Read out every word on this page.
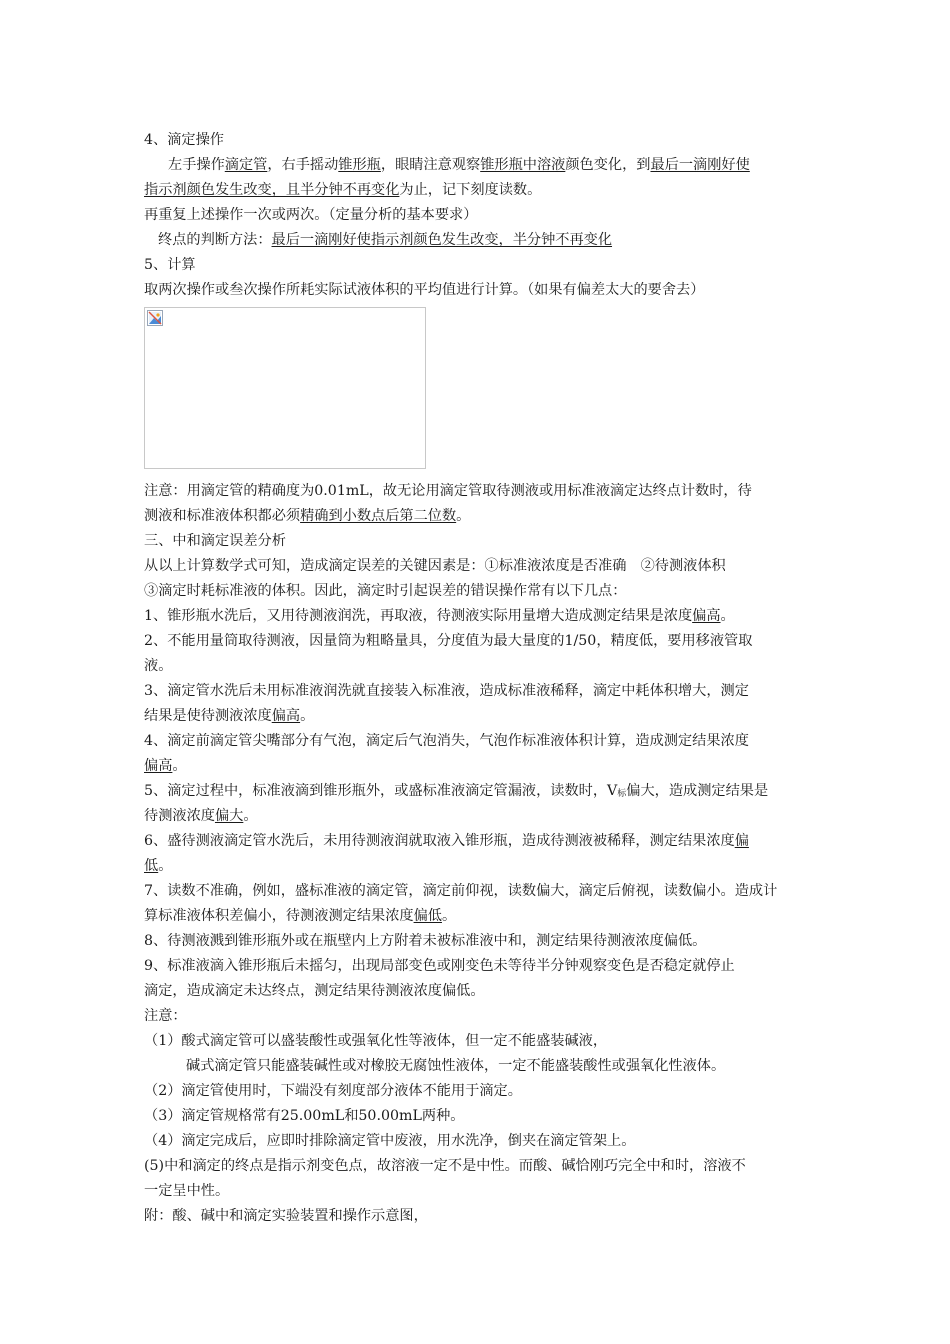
4、滴定操作
左手操作滴定管，右手摇动锥形瓶，眼睛注意观察锥形瓶中溶液颜色变化，到最后一滴刚好使
指示剂颜色发生改变，且半分钟不再变化为止，记下刻度读数。
再重复上述操作一次或两次。（定量分析的基本要求）
终点的判断方法：最后一滴刚好使指示剂颜色发生改变，半分钟不再变化
5、计算
取两次操作或叁次操作所耗实际试液体积的平均值进行计算。（如果有偏差太大的要舍去）
注意：用滴定管的精确度为0.01mL，故无论用滴定管取待测液或用标准液滴定达终点计数时，待
测液和标准液体积都必须精确到小数点后第二位数。
三、中和滴定误差分析
从以上计算数学式可知，造成滴定误差的关键因素是：①标准液浓度是否准确　②待测液体积
③滴定时耗标准液的体积。因此，滴定时引起误差的错误操作常有以下几点：
1、锥形瓶水洗后，又用待测液润洗，再取液，待测液实际用量增大造成测定结果是浓度偏高。
2、不能用量筒取待测液，因量筒为粗略量具，分度值为最大量度的1/50，精度低，要用移液管取
液。
3、滴定管水洗后未用标准液润洗就直接装入标准液，造成标准液稀释，滴定中耗体积增大，测定
结果是使待测液浓度偏高。
4、滴定前滴定管尖嘴部分有气泡，滴定后气泡消失，气泡作标准液体积计算，造成测定结果浓度
偏高。
5、滴定过程中，标准液滴到锥形瓶外，或盛标准液滴定管漏液，读数时，$V_标$偏大，造成测定结果是
待测液浓度偏大。
6、盛待测液滴定管水洗后，未用待测液润就取液入锥形瓶，造成待测液被稀释，测定结果浓度偏
低。
7、读数不准确，例如，盛标准液的滴定管，滴定前仰视，读数偏大，滴定后俯视，读数偏小。造成计
算标准液体积差偏小，待测液测定结果浓度偏低。
8、待测液溅到锥形瓶外或在瓶壁内上方附着未被标准液中和，测定结果待测液浓度偏低。
9、标准液滴入锥形瓶后未摇匀，出现局部变色或刚变色未等待半分钟观察变色是否稳定就停止
滴定，造成滴定未达终点，测定结果待测液浓度偏低。
注意：
（1）酸式滴定管可以盛装酸性或强氧化性等液体，但一定不能盛装碱液，
碱式滴定管只能盛装碱性或对橡胶无腐蚀性液体，一定不能盛装酸性或强氧化性液体。
（2）滴定管使用时，下端没有刻度部分液体不能用于滴定。
（3）滴定管规格常有25.00mL和50.00mL两种。
（4）滴定完成后，应即时排除滴定管中废液，用水洗净，倒夹在滴定管架上。
(5)中和滴定的终点是指示剂变色点，故溶液一定不是中性。而酸、碱恰刚巧完全中和时，溶液不
一定呈中性。
附：酸、碱中和滴定实验装置和操作示意图，
